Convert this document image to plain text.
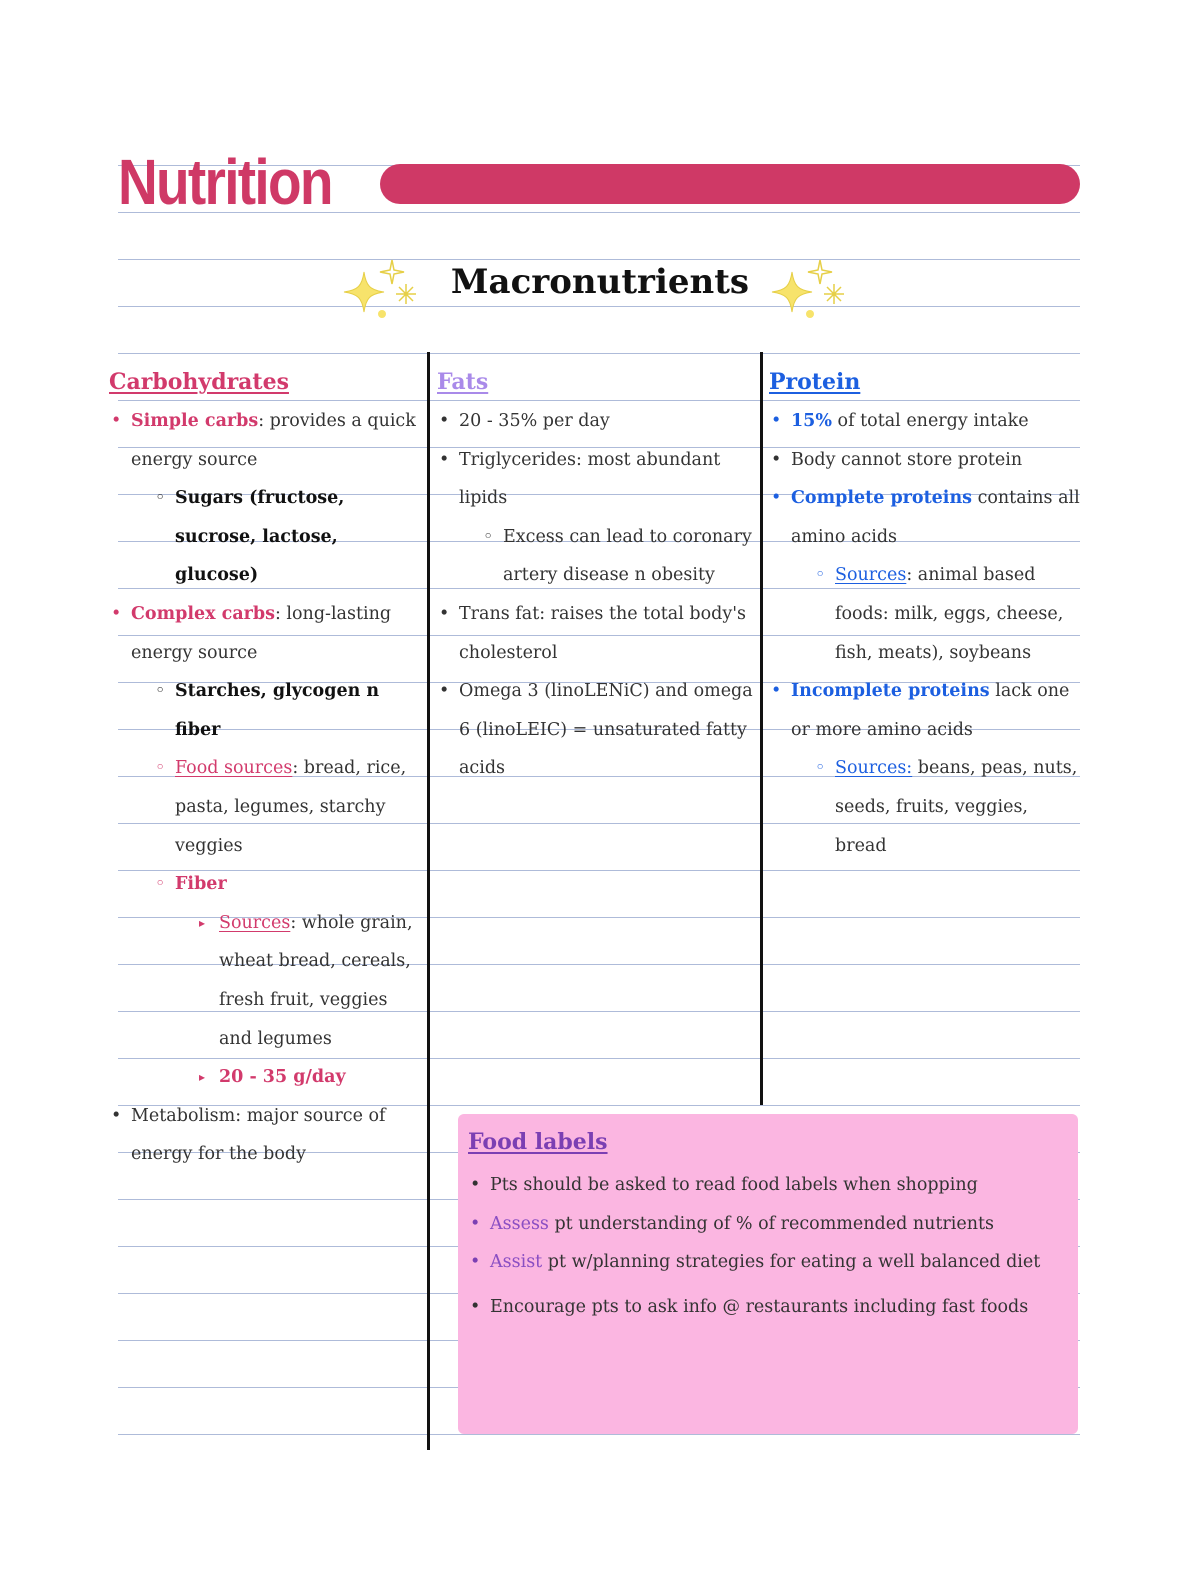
Nutrition
Macronutrients
Carbohydrates
• Simple carbs: provides a quick energy source
◦ Sugars (fructose, sucrose, lactose, glucose)
• Complex carbs: long-lasting energy source
◦ Starches, glycogen n fiber
◦ Food sources: bread, rice, pasta, legumes, starchy veggies
◦ Fiber
▸ Sources: whole grain, wheat bread, cereals, fresh fruit, veggies and legumes
▸ 20 - 35 g/day
• Metabolism: major source of energy for the body
Fats
• 20 - 35% per day
• Triglycerides: most abundant lipids
◦ Excess can lead to coronary artery disease n obesity
• Trans fat: raises the total body's cholesterol
• Omega 3 (linoLENiC) and omega 6 (linoLEIC) = unsaturated fatty acids
Protein
• 15% of total energy intake
• Body cannot store protein
• Complete proteins contains all amino acids
◦ Sources: animal based foods: milk, eggs, cheese, fish, meats), soybeans
• Incomplete proteins lack one or more amino acids
◦ Sources: beans, peas, nuts, seeds, fruits, veggies, bread
Food labels
• Pts should be asked to read food labels when shopping
• Assess pt understanding of % of recommended nutrients
• Assist pt w/planning strategies for eating a well balanced diet
• Encourage pts to ask info @ restaurants including fast foods
